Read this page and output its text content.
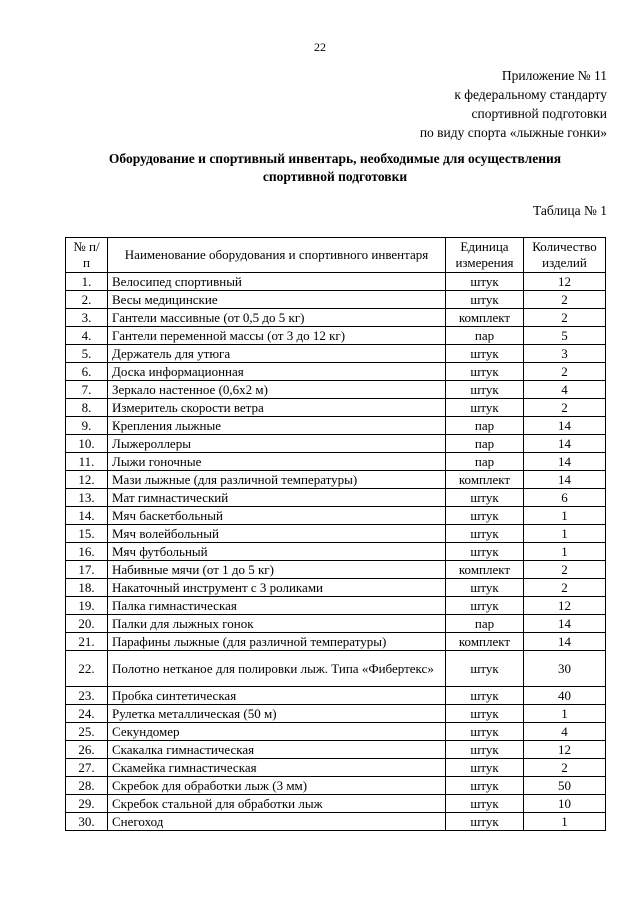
22
Приложение № 11
к федеральному стандарту
спортивной подготовки
по виду спорта «лыжные гонки»
Оборудование и спортивный инвентарь, необходимые для осуществления
спортивной подготовки
Таблица № 1
№ п/п	Наименование оборудования и спортивного инвентаря	Единица измерения	Количество изделий
1.	Велосипед спортивный	штук	12
2.	Весы медицинские	штук	2
3.	Гантели массивные (от 0,5 до 5 кг)	комплект	2
4.	Гантели переменной массы (от 3 до 12 кг)	пар	5
5.	Держатель для утюга	штук	3
6.	Доска информационная	штук	2
7.	Зеркало настенное (0,6x2 м)	штук	4
8.	Измеритель скорости ветра	штук	2
9.	Крепления лыжные	пар	14
10.	Лыжероллеры	пар	14
11.	Лыжи гоночные	пар	14
12.	Мази лыжные (для различной температуры)	комплект	14
13.	Мат гимнастический	штук	6
14.	Мяч баскетбольный	штук	1
15.	Мяч волейбольный	штук	1
16.	Мяч футбольный	штук	1
17.	Набивные мячи (от 1 до 5 кг)	комплект	2
18.	Накаточный инструмент с 3 роликами	штук	2
19.	Палка гимнастическая	штук	12
20.	Палки для лыжных гонок	пар	14
21.	Парафины лыжные (для различной температуры)	комплект	14
22.	Полотно нетканое для полировки лыж. Типа «Фибертекс»	штук	30
23.	Пробка синтетическая	штук	40
24.	Рулетка металлическая (50 м)	штук	1
25.	Секундомер	штук	4
26.	Скакалка гимнастическая	штук	12
27.	Скамейка гимнастическая	штук	2
28.	Скребок для обработки лыж (3 мм)	штук	50
29.	Скребок стальной для обработки лыж	штук	10
30.	Снегоход	штук	1
